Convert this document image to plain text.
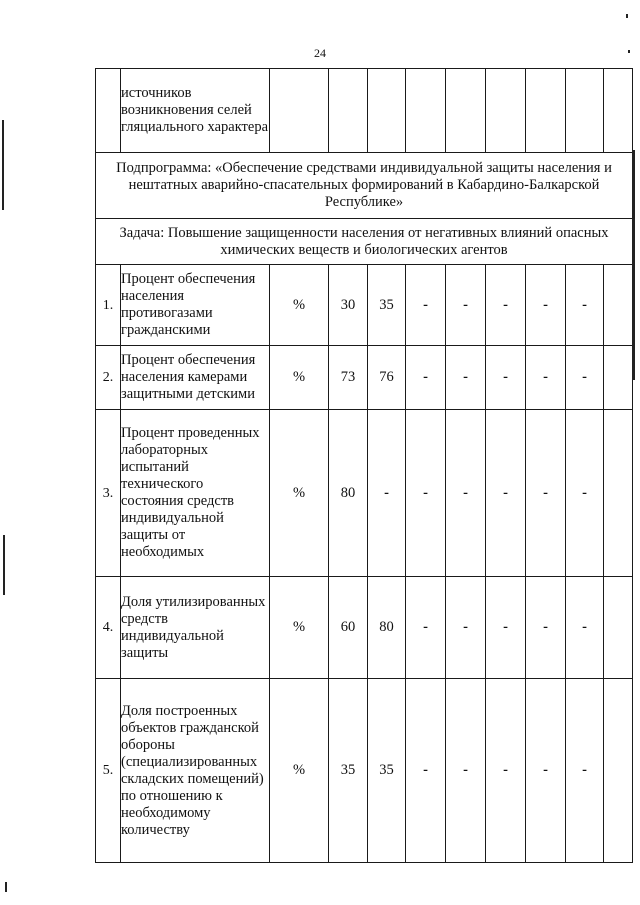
24
	источников возникновения селей гляциального характера									
Подпрограмма: «Обеспечение средствами индивидуальной защиты населения и нештатных аварийно-спасательных формирований в Кабардино-Балкарской Республике»										
Задача: Повышение защищенности населения от негативных влияний опасных химических веществ и биологических агентов										
1.	Процент обеспечения населения противогазами гражданскими	%	30	35	-	-	-	-	-	
2.	Процент обеспечения населения камерами защитными детскими	%	73	76	-	-	-	-	-	
3.	Процент проведенных лабораторных испытаний технического состояния средств индивидуальной защиты от необходимых	%	80	-	-	-	-	-	-	
4.	Доля утилизированных средств индивидуальной защиты	%	60	80	-	-	-	-	-	
5.	Доля построенных объектов гражданской обороны (специализированных складских помещений) по отношению к необходимому количеству	%	35	35	-	-	-	-	-	
